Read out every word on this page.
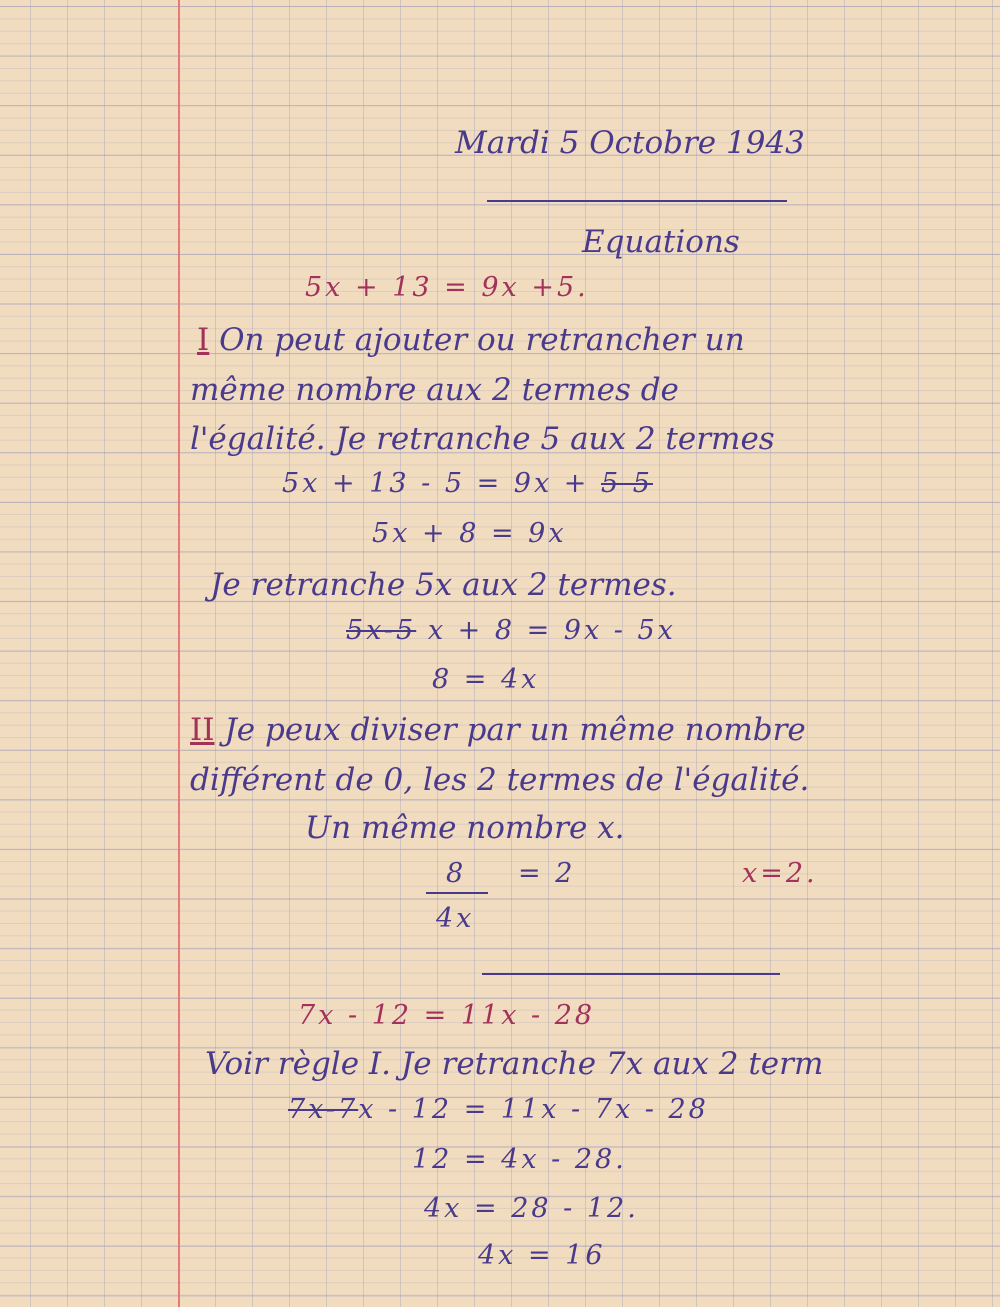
Mardi 5 Octobre 1943
Equations
5x + 13 = 9x +5.
I On peut ajouter ou retrancher un
même nombre aux 2 termes de
l'égalité. Je retranche 5 aux 2 termes
5x + 13 - 5 = 9x + 5 5
5x + 8 = 9x
Je retranche 5x aux 2 termes.
5x-5 x + 8 = 9x - 5x
8 = 4x
II Je peux diviser par un même nombre
différent de 0, les 2 termes de l'égalité.
Un même nombre x.
8
4x
= 2	x=2.
7x - 12 = 11x - 28
Voir règle I. Je retranche 7x aux 2 term
7x-7x - 12 = 11x - 7x - 28
12 = 4x - 28.
4x = 28 - 12.
4x = 16
